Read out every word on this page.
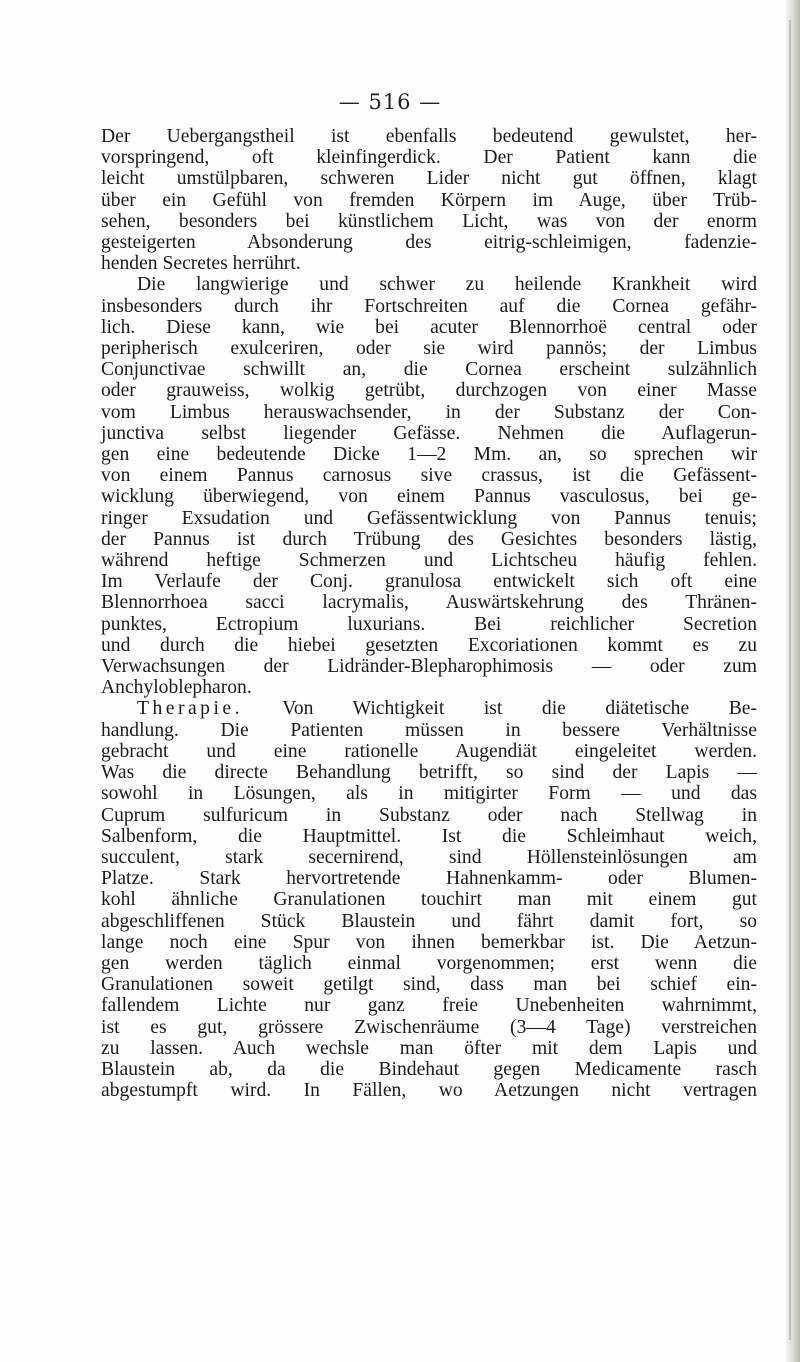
— 516 —
Der Uebergangstheil ist ebenfalls bedeutend gewulstet, her-
vorspringend, oft kleinfingerdick. Der Patient kann die
leicht umstülpbaren, schweren Lider nicht gut öffnen, klagt
über ein Gefühl von fremden Körpern im Auge, über Trüb-
sehen, besonders bei künstlichem Licht, was von der enorm
gesteigerten Absonderung des eitrig-schleimigen, fadenzie-
henden Secretes herrührt.
Die langwierige und schwer zu heilende Krankheit wird
insbesonders durch ihr Fortschreiten auf die Cornea gefähr-
lich. Diese kann, wie bei acuter Blennorrhoë central oder
peripherisch exulceriren, oder sie wird pannös; der Limbus
Conjunctivae schwillt an, die Cornea erscheint sulzähnlich
oder grauweiss, wolkig getrübt, durchzogen von einer Masse
vom Limbus herauswachsender, in der Substanz der Con-
junctiva selbst liegender Gefässe. Nehmen die Auflagerun-
gen eine bedeutende Dicke 1—2 Mm. an, so sprechen wir
von einem Pannus carnosus sive crassus, ist die Gefässent-
wicklung überwiegend, von einem Pannus vasculosus, bei ge-
ringer Exsudation und Gefässentwicklung von Pannus tenuis;
der Pannus ist durch Trübung des Gesichtes besonders lästig,
während heftige Schmerzen und Lichtscheu häufig fehlen.
Im Verlaufe der Conj. granulosa entwickelt sich oft eine
Blennorrhoea sacci lacrymalis, Auswärtskehrung des Thränen-
punktes, Ectropium luxurians. Bei reichlicher Secretion
und durch die hiebei gesetzten Excoriationen kommt es zu
Verwachsungen der Lidränder-Blepharophimosis — oder zum
Anchyloblepharon.
Therapie. Von Wichtigkeit ist die diätetische Be-
handlung. Die Patienten müssen in bessere Verhältnisse
gebracht und eine rationelle Augendiät eingeleitet werden.
Was die directe Behandlung betrifft, so sind der Lapis —
sowohl in Lösungen, als in mitigirter Form — und das
Cuprum sulfuricum in Substanz oder nach Stellwag in
Salbenform, die Hauptmittel. Ist die Schleimhaut weich,
succulent, stark secernirend, sind Höllensteinlösungen am
Platze. Stark hervortretende Hahnenkamm- oder Blumen-
kohl ähnliche Granulationen touchirt man mit einem gut
abgeschliffenen Stück Blaustein und fährt damit fort, so
lange noch eine Spur von ihnen bemerkbar ist. Die Aetzun-
gen werden täglich einmal vorgenommen; erst wenn die
Granulationen soweit getilgt sind, dass man bei schief ein-
fallendem Lichte nur ganz freie Unebenheiten wahrnimmt,
ist es gut, grössere Zwischenräume (3—4 Tage) verstreichen
zu lassen. Auch wechsle man öfter mit dem Lapis und
Blaustein ab, da die Bindehaut gegen Medicamente rasch
abgestumpft wird. In Fällen, wo Aetzungen nicht vertragen
